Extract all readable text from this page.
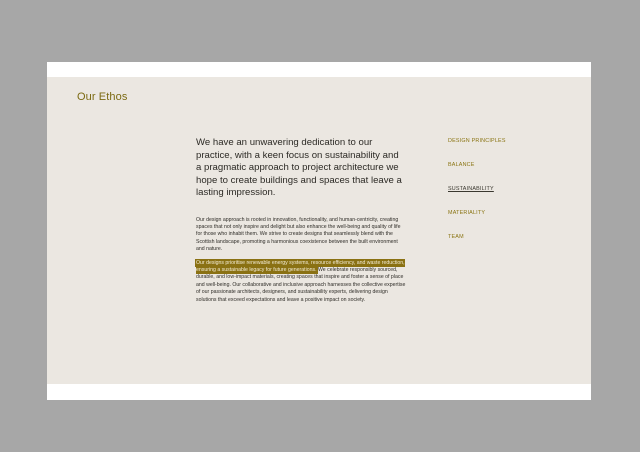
Our Ethos

We have an unwavering dedication to our practice, with a keen focus on sustainability and a pragmatic approach to project architecture we hope to create buildings and spaces that leave a lasting impression.

Our design approach is rooted in innovation, functionality, and human-centricity, creating spaces that not only inspire and delight but also enhance the well-being and quality of life for those who inhabit them. We strive to create designs that seamlessly blend with the Scottish landscape, promoting a harmonious coexistence between the built environment and nature.

Our designs prioritise renewable energy systems, resource efficiency, and waste reduction, ensuring a sustainable legacy for future generations. We celebrate responsibly sourced, durable, and low-impact materials, creating spaces that inspire and foster a sense of place and well-being. Our collaborative and inclusive approach harnesses the collective expertise of our passionate architects, designers, and sustainability experts, delivering design solutions that exceed expectations and leave a positive impact on society.

DESIGN PRINCIPLES
BALANCE
SUSTAINABILITY
MATERIALITY
TEAM
